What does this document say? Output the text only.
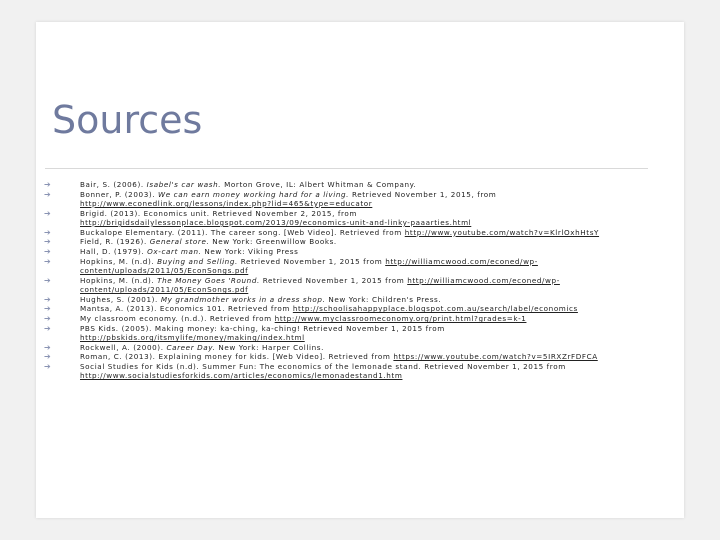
Sources
➔	Bair, S. (2006). Isabel's car wash. Morton Grove, IL: Albert Whitman & Company.
➔	Bonner, P. (2003). We can earn money working hard for a living. Retrieved November 1, 2015, from http://www.econedlink.org/lessons/index.php?lid=465&type=educator
➔	Brigid. (2013). Economics unit. Retrieved November 2, 2015, from http://brigidsdailylessonplace.blogspot.com/2013/09/economics-unit-and-linky-paaarties.html
➔	Buckalope Elementary. (2011). The career song. [Web Video]. Retrieved from http://www.youtube.com/watch?v=KlrlOxhHtsY
➔	Field, R. (1926). General store. New York: Greenwillow Books.
➔	Hall, D. (1979). Ox-cart man. New York: Viking Press
➔	Hopkins, M. (n.d). Buying and Selling. Retrieved November 1, 2015 from http://williamcwood.com/econed/wp-content/uploads/2011/05/EconSongs.pdf
➔	Hopkins, M. (n.d). The Money Goes 'Round. Retrieved November 1, 2015 from http://williamcwood.com/econed/wp-content/uploads/2011/05/EconSongs.pdf
➔	Hughes, S. (2001). My grandmother works in a dress shop. New York: Children's Press.
➔	Mantsa, A. (2013). Economics 101. Retrieved from http://schoolisahappyplace.blogspot.com.au/search/label/economics
➔	My classroom economy. (n.d.). Retrieved from http://www.myclassroomeconomy.org/print.html?grades=k-1
➔	PBS Kids. (2005). Making money: ka-ching, ka-ching! Retrieved November 1, 2015 from http://pbskids.org/itsmylife/money/making/index.html
➔	Rockwell, A. (2000). Career Day. New York: Harper Collins.
➔	Roman, C. (2013). Explaining money for kids. [Web Video]. Retrieved from https://www.youtube.com/watch?v=5IRXZrFDFCA
➔	Social Studies for Kids (n.d). Summer Fun: The economics of the lemonade stand. Retrieved November 1, 2015 from http://www.socialstudiesforkids.com/articles/economics/lemonadestand1.htm
